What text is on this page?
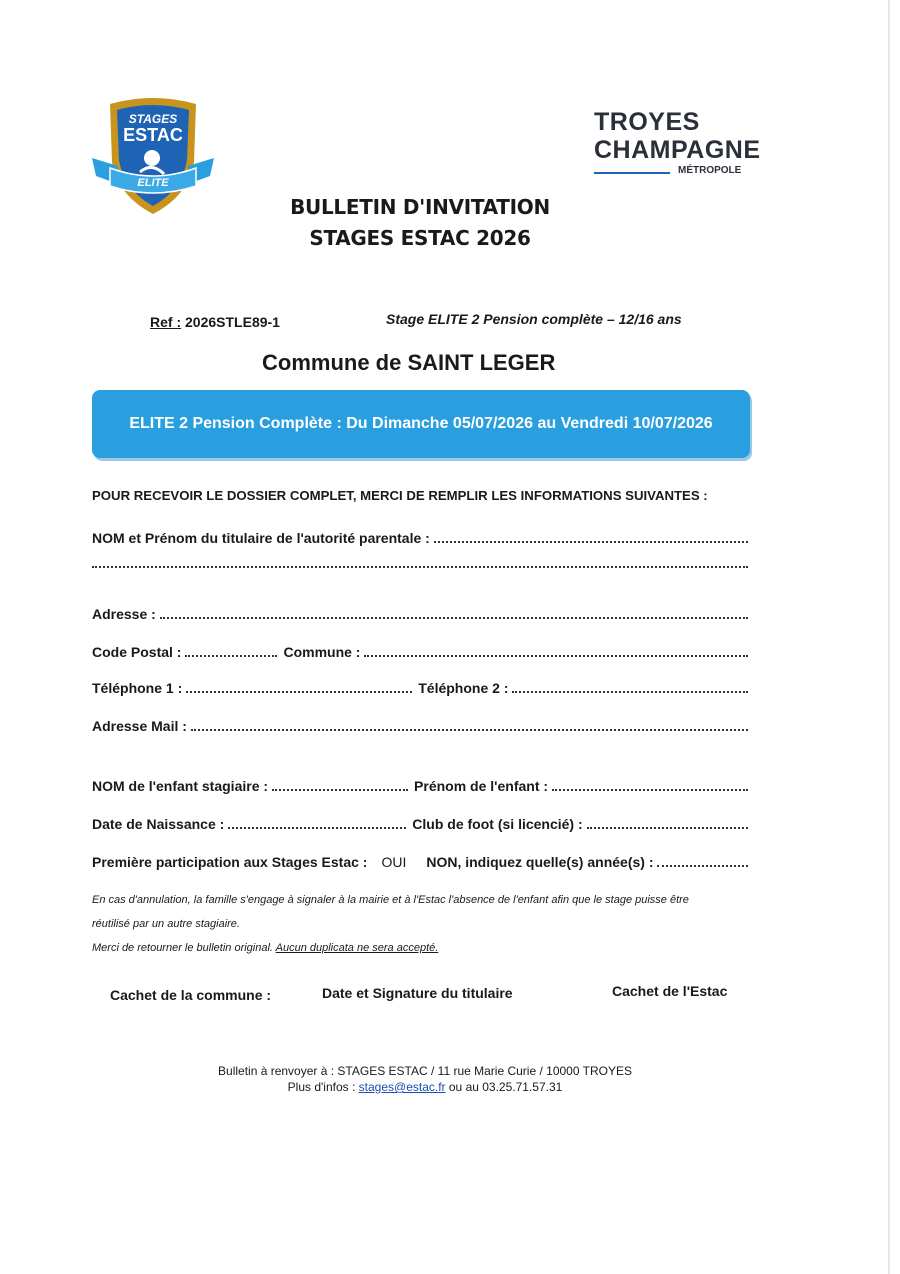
STAGES
ESTAC
ELITE
TROYES
CHAMPAGNE
MÉTROPOLE
BULLETIN D'INVITATION
STAGES ESTAC 2026
Ref : 2026STLE89-1	Stage ELITE 2 Pension complète – 12/16 ans
Commune de SAINT LEGER
ELITE 2 Pension Complète : Du Dimanche 05/07/2026 au Vendredi 10/07/2026
POUR RECEVOIR LE DOSSIER COMPLET, MERCI DE REMPLIR LES INFORMATIONS SUIVANTES :
NOM et Prénom du titulaire de l'autorité parentale :
Adresse :
Code Postal :	Commune :
Téléphone 1 :	Téléphone 2 :
Adresse Mail :
NOM de l'enfant stagiaire :	Prénom de l'enfant :
Date de Naissance :	Club de foot (si licencié) :
Première participation aux Stages Estac : OUI NON, indiquez quelle(s) année(s) :
En cas d'annulation, la famille s'engage à signaler à la mairie et à l'Estac l'absence de l'enfant afin que le stage puisse être
réutilisé par un autre stagiaire.
Merci de retourner le bulletin original. Aucun duplicata ne sera accepté.
Cachet de la commune :	Date et Signature du titulaire	Cachet de l'Estac
Bulletin à renvoyer à : STAGES ESTAC / 11 rue Marie Curie / 10000 TROYES
Plus d'infos : stages@estac.fr ou au 03.25.71.57.31
